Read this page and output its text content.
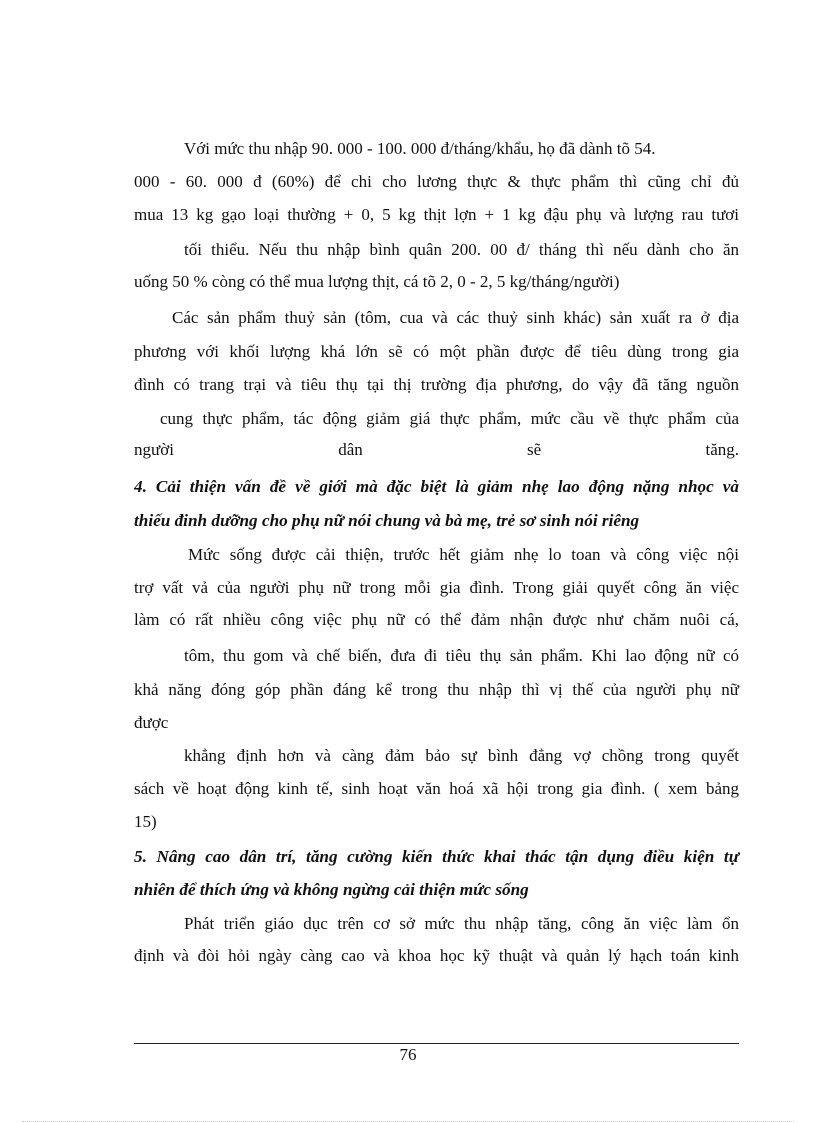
Với mức thu nhập 90. 000 - 100. 000 đ/tháng/khẩu, họ đã dành tõ 54.
000 - 60. 000 đ (60%) để chi cho lương thực & thực phẩm thì cũng chỉ đủ
mua 13 kg gạo loại thường + 0, 5 kg thịt lợn + 1 kg đậu phụ và lượng rau tươi
tối thiểu. Nếu thu nhập bình quân 200. 00 đ/ tháng thì nếu dành cho ăn
uống 50 % còng có thể mua lượng thịt, cá tõ 2, 0 - 2, 5 kg/tháng/người)
Các sản phẩm thuỷ sản (tôm, cua và các thuỷ sinh khác) sản xuất ra ở địa
phương với khối lượng khá lớn sẽ có một phần được để tiêu dùng trong gia
đình có trang trại và tiêu thụ tại thị trường địa phương, do vậy đã tăng nguồn
cung thực phẩm, tác động giảm giá thực phẩm, mức cầu về thực phẩm của
người dân sẽ tăng.
4. Cải thiện vấn đề về giới mà đặc biệt là giảm nhẹ lao động nặng nhọc và
thiếu đinh dưỡng cho phụ nữ nói chung và bà mẹ, trẻ sơ sinh nói riêng
Mức sống được cải thiện, trước hết giảm nhẹ lo toan và công việc nội
trợ vất vả của người phụ nữ trong mỗi gia đình. Trong giải quyết công ăn việc
làm có rất nhiều công việc phụ nữ có thể đảm nhận được như chăm nuôi cá,
tôm, thu gom và chế biến, đưa đi tiêu thụ sản phẩm. Khi lao động nữ có
khả năng đóng góp phần đáng kể trong thu nhập thì vị thế của người phụ nữ
được
khẳng định hơn và càng đảm bảo sự bình đẳng vợ chồng trong quyết
sách về hoạt động kinh tế, sinh hoạt văn hoá xã hội trong gia đình. ( xem bảng
15)
5. Nâng cao dân trí, tăng cường kiến thức khai thác tận dụng điều kiện tự
nhiên để thích ứng và không ngừng cải thiện mức sống
Phát triển giáo dục trên cơ sở mức thu nhập tăng, công ăn việc làm ổn
định và đòi hỏi ngày càng cao và khoa học kỹ thuật và quản lý hạch toán kinh
76
